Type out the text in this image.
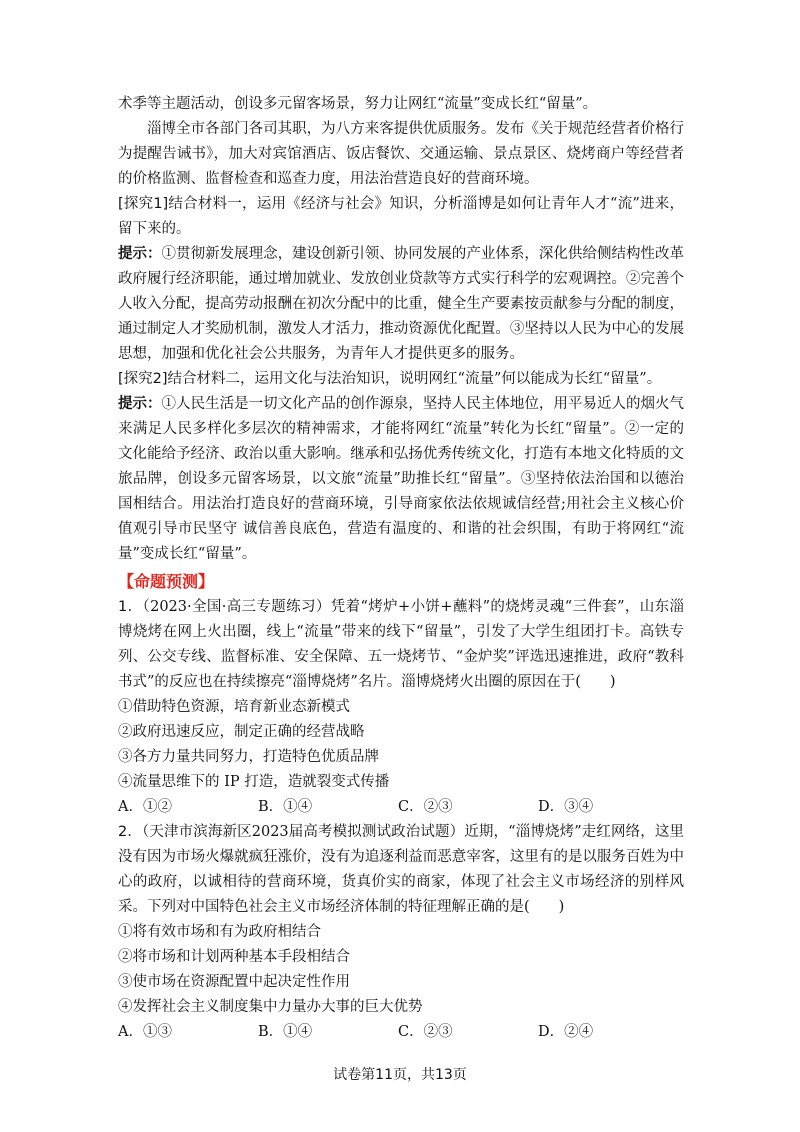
术季等主题活动，创设多元留客场景，努力让网红“流量”变成长红“留量”。

淄博全市各部门各司其职，为八方来客提供优质服务。发布《关于规范经营者价格行为提醒告诫书》，加大对宾馆酒店、饭店餐饮、交通运输、景点景区、烧烤商户等经营者的价格监测、监督检查和巡查力度，用法治营造良好的营商环境。

[探究1]结合材料一，运用《经济与社会》知识，分析淄博是如何让青年人才“流”进来，留下来的。

提示：①贯彻新发展理念，建设创新引领、协同发展的产业体系，深化供给侧结构性改革政府履行经济职能，通过增加就业、发放创业贷款等方式实行科学的宏观调控。②完善个人收入分配，提高劳动报酬在初次分配中的比重，健全生产要素按贡献参与分配的制度，通过制定人才奖励机制，激发人才活力，推动资源优化配置。③坚持以人民为中心的发展思想，加强和优化社会公共服务，为青年人才提供更多的服务。

[探究2]结合材料二，运用文化与法治知识，说明网红“流量”何以能成为长红“留量”。

提示：①人民生活是一切文化产品的创作源泉，坚持人民主体地位，用平易近人的烟火气来满足人民多样化多层次的精神需求，才能将网红“流量”转化为长红“留量”。②一定的文化能给予经济、政治以重大影响。继承和弘扬优秀传统文化，打造有本地文化特质的文旅品牌，创设多元留客场景，以文旅“流量”助推长红“留量”。③坚持依法治国和以德治国相结合。用法治打造良好的营商环境，引导商家依法依规诚信经营;用社会主义核心价值观引导市民坚守 诚信善良底色，营造有温度的、和谐的社会织围，有助于将网红“流量”变成长红“留量”。

【命题预测】

1．（2023·全国·高三专题练习）凭着“烤炉+小饼+蘸料”的烧烤灵魂“三件套”，山东淄博烧烤在网上火出圈，线上“流量”带来的线下“留量”，引发了大学生组团打卡。高铁专列、公交专线、监督标准、安全保障、五一烧烤节、“金炉奖”评选迅速推进，政府“教科书式”的反应也在持续擦亮“淄博烧烤”名片。淄博烧烤火出圈的原因在于(　　)

①借助特色资源，培育新业态新模式

②政府迅速反应，制定正确的经营战略

③各方力量共同努力，打造特色优质品牌

④流量思维下的 IP 打造，造就裂变式传播

A．①②	B．①④	C．②③	D．③④

2．（天津市滨海新区2023届高考模拟测试政治试题）近期，“淄博烧烤”走红网络，这里没有因为市场火爆就疯狂涨价，没有为追逐利益而恶意宰客，这里有的是以服务百姓为中心的政府，以诚相待的营商环境，货真价实的商家，体现了社会主义市场经济的别样风采。下列对中国特色社会主义市场经济体制的特征理解正确的是(　　)

①将有效市场和有为政府相结合

②将市场和计划两种基本手段相结合

③使市场在资源配置中起决定性作用

④发挥社会主义制度集中力量办大事的巨大优势

A．①③	B．①④	C．②③	D．②④
试卷第11页，共13页
